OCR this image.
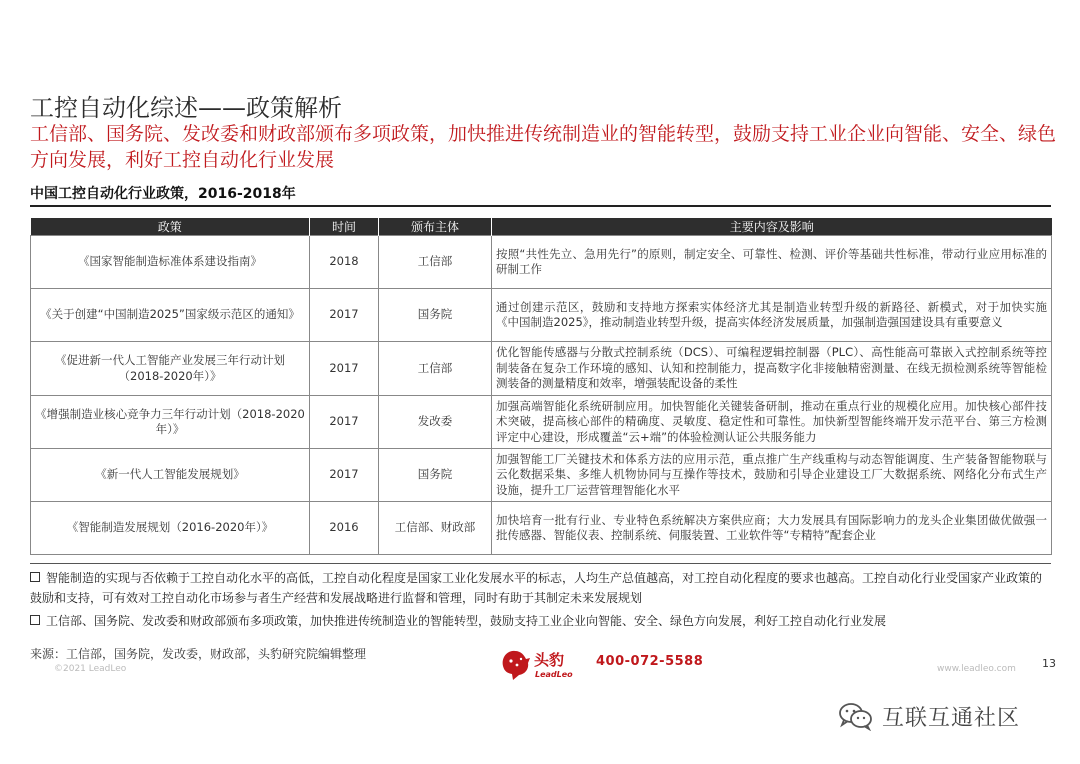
工控自动化综述——政策解析
工信部、国务院、发改委和财政部颁布多项政策，加快推进传统制造业的智能转型，鼓励支持工业企业向智能、安全、绿色方向发展，利好工控自动化行业发展
中国工控自动化行业政策，2016-2018年
政策	时间	颁布主体	主要内容及影响
《国家智能制造标准体系建设指南》	2018	工信部	按照“共性先立、急用先行”的原则，制定安全、可靠性、检测、评价等基础共性标准，带动行业应用标准的研制工作
《关于创建“中国制造2025”国家级示范区的通知》	2017	国务院	通过创建示范区，鼓励和支持地方探索实体经济尤其是制造业转型升级的新路径、新模式，对于加快实施《中国制造2025》，推动制造业转型升级，提高实体经济发展质量，加强制造强国建设具有重要意义
《促进新一代人工智能产业发展三年行动计划（2018-2020年）》	2017	工信部	优化智能传感器与分散式控制系统（DCS）、可编程逻辑控制器（PLC）、高性能高可靠嵌入式控制系统等控制装备在复杂工作环境的感知、认知和控制能力，提高数字化非接触精密测量、在线无损检测系统等智能检测装备的测量精度和效率，增强装配设备的柔性
《增强制造业核心竞争力三年行动计划（2018-2020年）》	2017	发改委	加强高端智能化系统研制应用。加快智能化关键装备研制，推动在重点行业的规模化应用。加快核心部件技术突破，提高核心部件的精确度、灵敏度、稳定性和可靠性。加快新型智能终端开发示范平台、第三方检测评定中心建设，形成覆盖“云+端”的体验检测认证公共服务能力
《新一代人工智能发展规划》	2017	国务院	加强智能工厂关键技术和体系方法的应用示范，重点推广生产线重构与动态智能调度、生产装备智能物联与云化数据采集、多维人机物协同与互操作等技术，鼓励和引导企业建设工厂大数据系统、网络化分布式生产设施，提升工厂运营管理智能化水平
《智能制造发展规划（2016-2020年）》	2016	工信部、财政部	加快培育一批有行业、专业特色系统解决方案供应商；大力发展具有国际影响力的龙头企业集团做优做强一批传感器、智能仪表、控制系统、伺服装置、工业软件等“专精特”配套企业
智能制造的实现与否依赖于工控自动化水平的高低，工控自动化程度是国家工业化发展水平的标志，人均生产总值越高，对工控自动化程度的要求也越高。工控自动化行业受国家产业政策的鼓励和支持，可有效对工控自动化市场参与者生产经营和发展战略进行监督和管理，同时有助于其制定未来发展规划
工信部、国务院、发改委和财政部颁布多项政策，加快推进传统制造业的智能转型，鼓励支持工业企业向智能、安全、绿色方向发展，利好工控自动化行业发展
来源：工信部，国务院，发改委，财政部，头豹研究院编辑整理
©2021 LeadLeo	头豹
LeadLeo
400-072-5588	www.leadleo.com 13
互联互通社区
